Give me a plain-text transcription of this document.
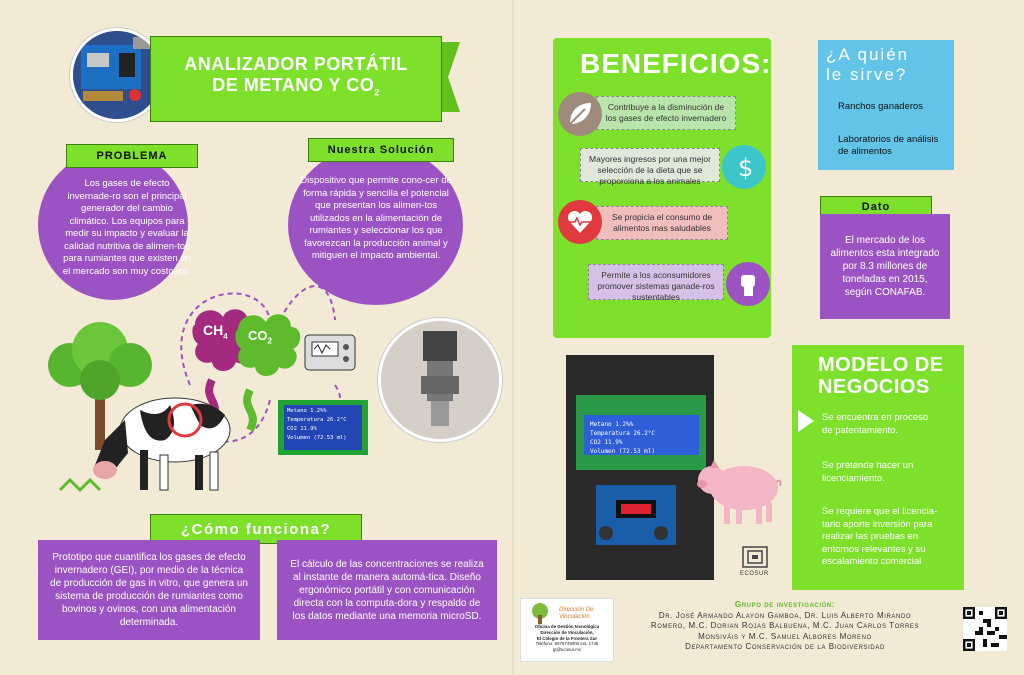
ANALIZADOR PORTÁTIL
DE METANO Y $CO_2$
PROBLEMA
Los gases de efecto invernade-ro son el principal generador del cambio climático. Los equipos para medir su impacto y evaluar la calidad nutritiva de alimen-tos para rumiantes que existen en el mercado son muy costosos.
Nuestra Solución
Dispositivo que permite cono-cer de forma rápida y sencilla el potencial que presentan los alimen-tos utilizados en la alimentación de rumiantes y seleccionar los que favorezcan la producción animal y mitiguen el impacto ambiental.
$CH_4$ $CO_2$
Metano 1.2%%
Temperatura 26.2°C
CO2 11.9%
Volumen (72.53 ml)
¿Cómo funciona?
Prototipo que cuantifica los gases de efecto invernadero (GEI), por medio de la técnica de producción de gas in vitro, que genera un sistema de producción de rumiantes como bovinos y ovinos, con una alimentación determinada.
El cálculo de las concentraciones se realiza al instante de manera automá-tica. Diseño ergonómico portátil y con comunicación directa con la computa-dora y respaldo de los datos mediante una memoria microSD.
BENEFICIOS:
Contribuye a la disminución de los gases de efecto invernadero
Mayores ingresos por una mejor selección de la dieta que se proporciona a los animales	$
Se propicia el consumo de alimentos mas saludables
Permite a los aconsumidores promover sistemas ganade-ros sustentables
¿A quién
le sirve?
Ranchos ganaderos
Laboratorios de análisis de alimentos
Dato
El mercado de los alimentos esta integrado por 8.3 millones de toneladas en 2015, según CONAFAB.
Metano 1.2%%
Temperatura 26.2°C
CO2 11.9%
Volumen (72.53 ml)
ECOSUR
MODELO DE
NEGOCIOS
Se encuentra en proceso de patentamiento.
Se pretende hacer un licenciamiento.
Se requiere que el licencia-tario aporte inversión para realizar las pruebas en entornos relevantes y su escalamiento comercial
Dirección De
Vinculación
Oficina de Gestión tecnológica
Dirección de Vinculación,
El Colegio de la Frontera Sur
Teléfono: 9676749000 ext. 1745
gt@ecosur.mx
Grupo de investigación:
Dr. José Armando Alayon Gamboa, Dr. Luis Alberto Mirando
Romero, M.C. Dorian Rojas Balbuena, M.C. Juan Carlos Torres
Monsiváis y M.C. Samuel Albores Moreno
Departamento Conservación de la Biodiversidad
